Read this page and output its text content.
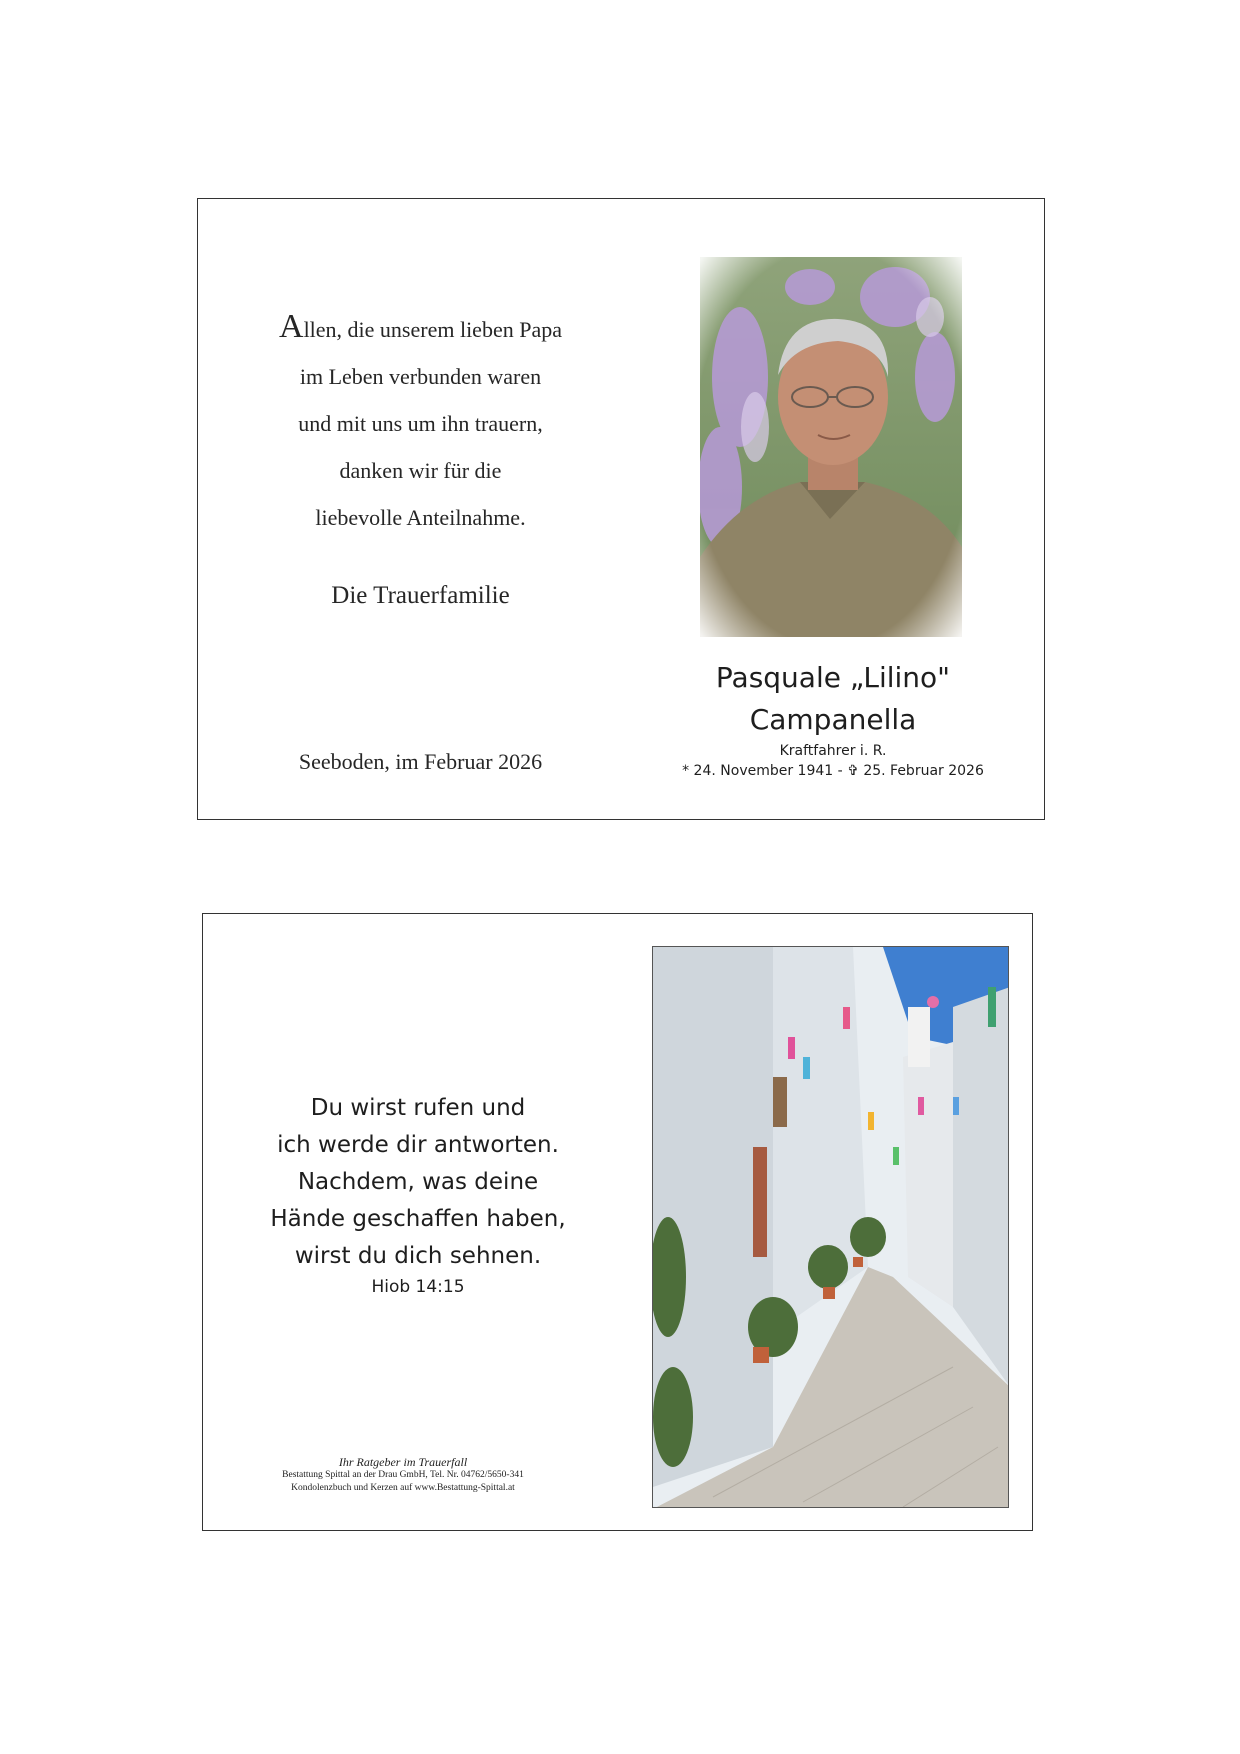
Allen, die unserem lieben Papa
im Leben verbunden waren
und mit uns um ihn trauern,
danken wir für die
liebevolle Anteilnahme.
Die Trauerfamilie
Seeboden, im Februar 2026
Pasquale „Lilino"
Campanella
Kraftfahrer i. R.
* 24. November 1941 - ✞ 25. Februar 2026
Du wirst rufen und
ich werde dir antworten.
Nachdem, was deine
Hände geschaffen haben,
wirst du dich sehnen.
Hiob 14:15
Ihr Ratgeber im Trauerfall
Bestattung Spittal an der Drau GmbH, Tel. Nr. 04762/5650-341
Kondolenzbuch und Kerzen auf www.Bestattung-Spittal.at
